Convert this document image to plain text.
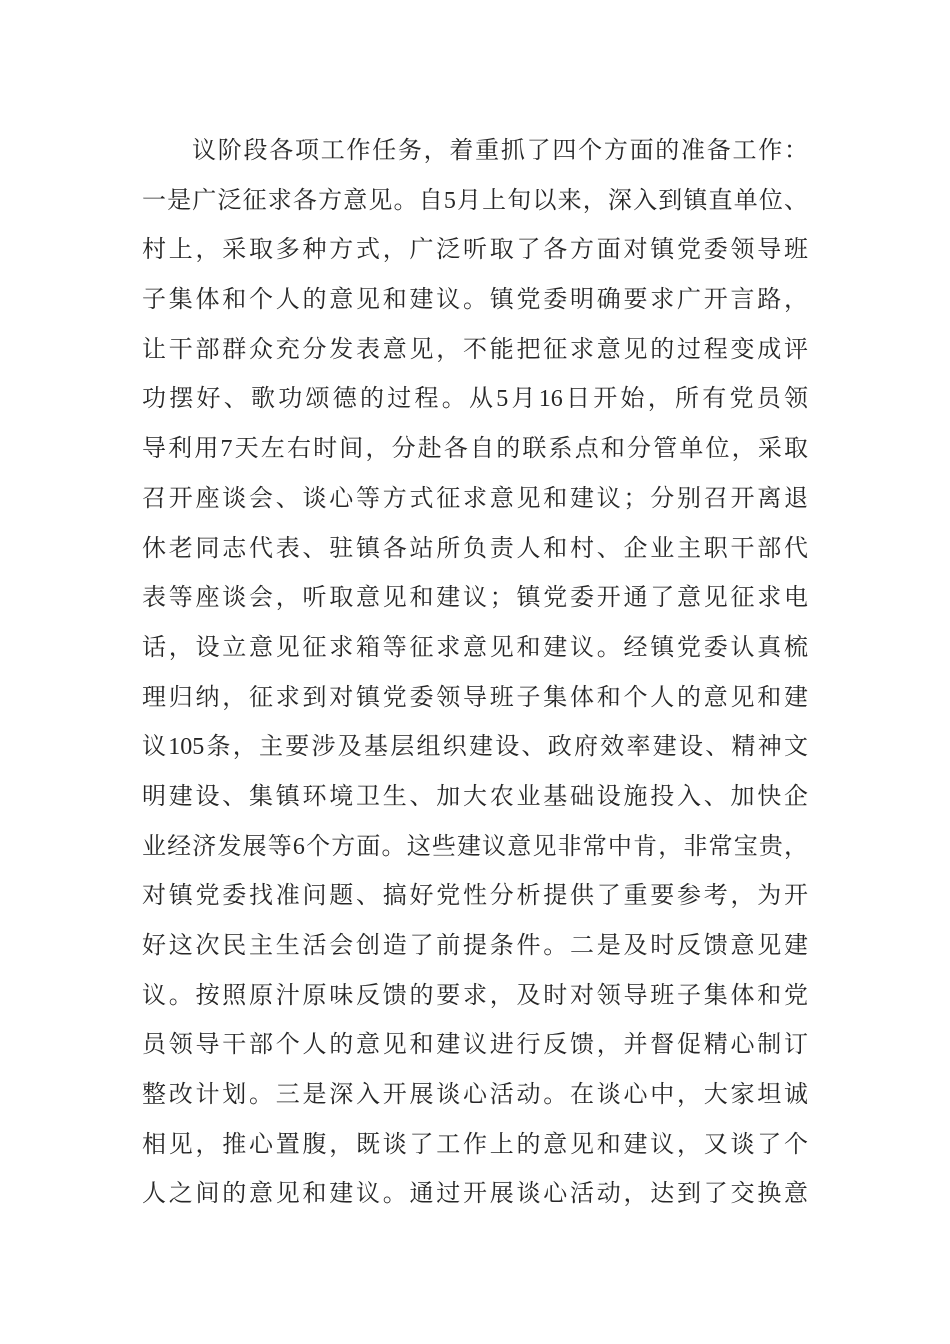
议阶段各项工作任务，着重抓了四个方面的准备工作：
一是广泛征求各方意见。自5月上旬以来，深入到镇直单位、
村上，采取多种方式，广泛听取了各方面对镇党委领导班
子集体和个人的意见和建议。镇党委明确要求广开言路，
让干部群众充分发表意见，不能把征求意见的过程变成评
功摆好、歌功颂德的过程。从5月16日开始，所有党员领
导利用7天左右时间，分赴各自的联系点和分管单位，采取
召开座谈会、谈心等方式征求意见和建议；分别召开离退
休老同志代表、驻镇各站所负责人和村、企业主职干部代
表等座谈会，听取意见和建议；镇党委开通了意见征求电
话，设立意见征求箱等征求意见和建议。经镇党委认真梳
理归纳，征求到对镇党委领导班子集体和个人的意见和建
议105条，主要涉及基层组织建设、政府效率建设、精神文
明建设、集镇环境卫生、加大农业基础设施投入、加快企
业经济发展等6个方面。这些建议意见非常中肯，非常宝贵，
对镇党委找准问题、搞好党性分析提供了重要参考，为开
好这次民主生活会创造了前提条件。二是及时反馈意见建
议。按照原汁原味反馈的要求，及时对领导班子集体和党
员领导干部个人的意见和建议进行反馈，并督促精心制订
整改计划。三是深入开展谈心活动。在谈心中，大家坦诚
相见，推心置腹，既谈了工作上的意见和建议，又谈了个
人之间的意见和建议。通过开展谈心活动，达到了交换意
